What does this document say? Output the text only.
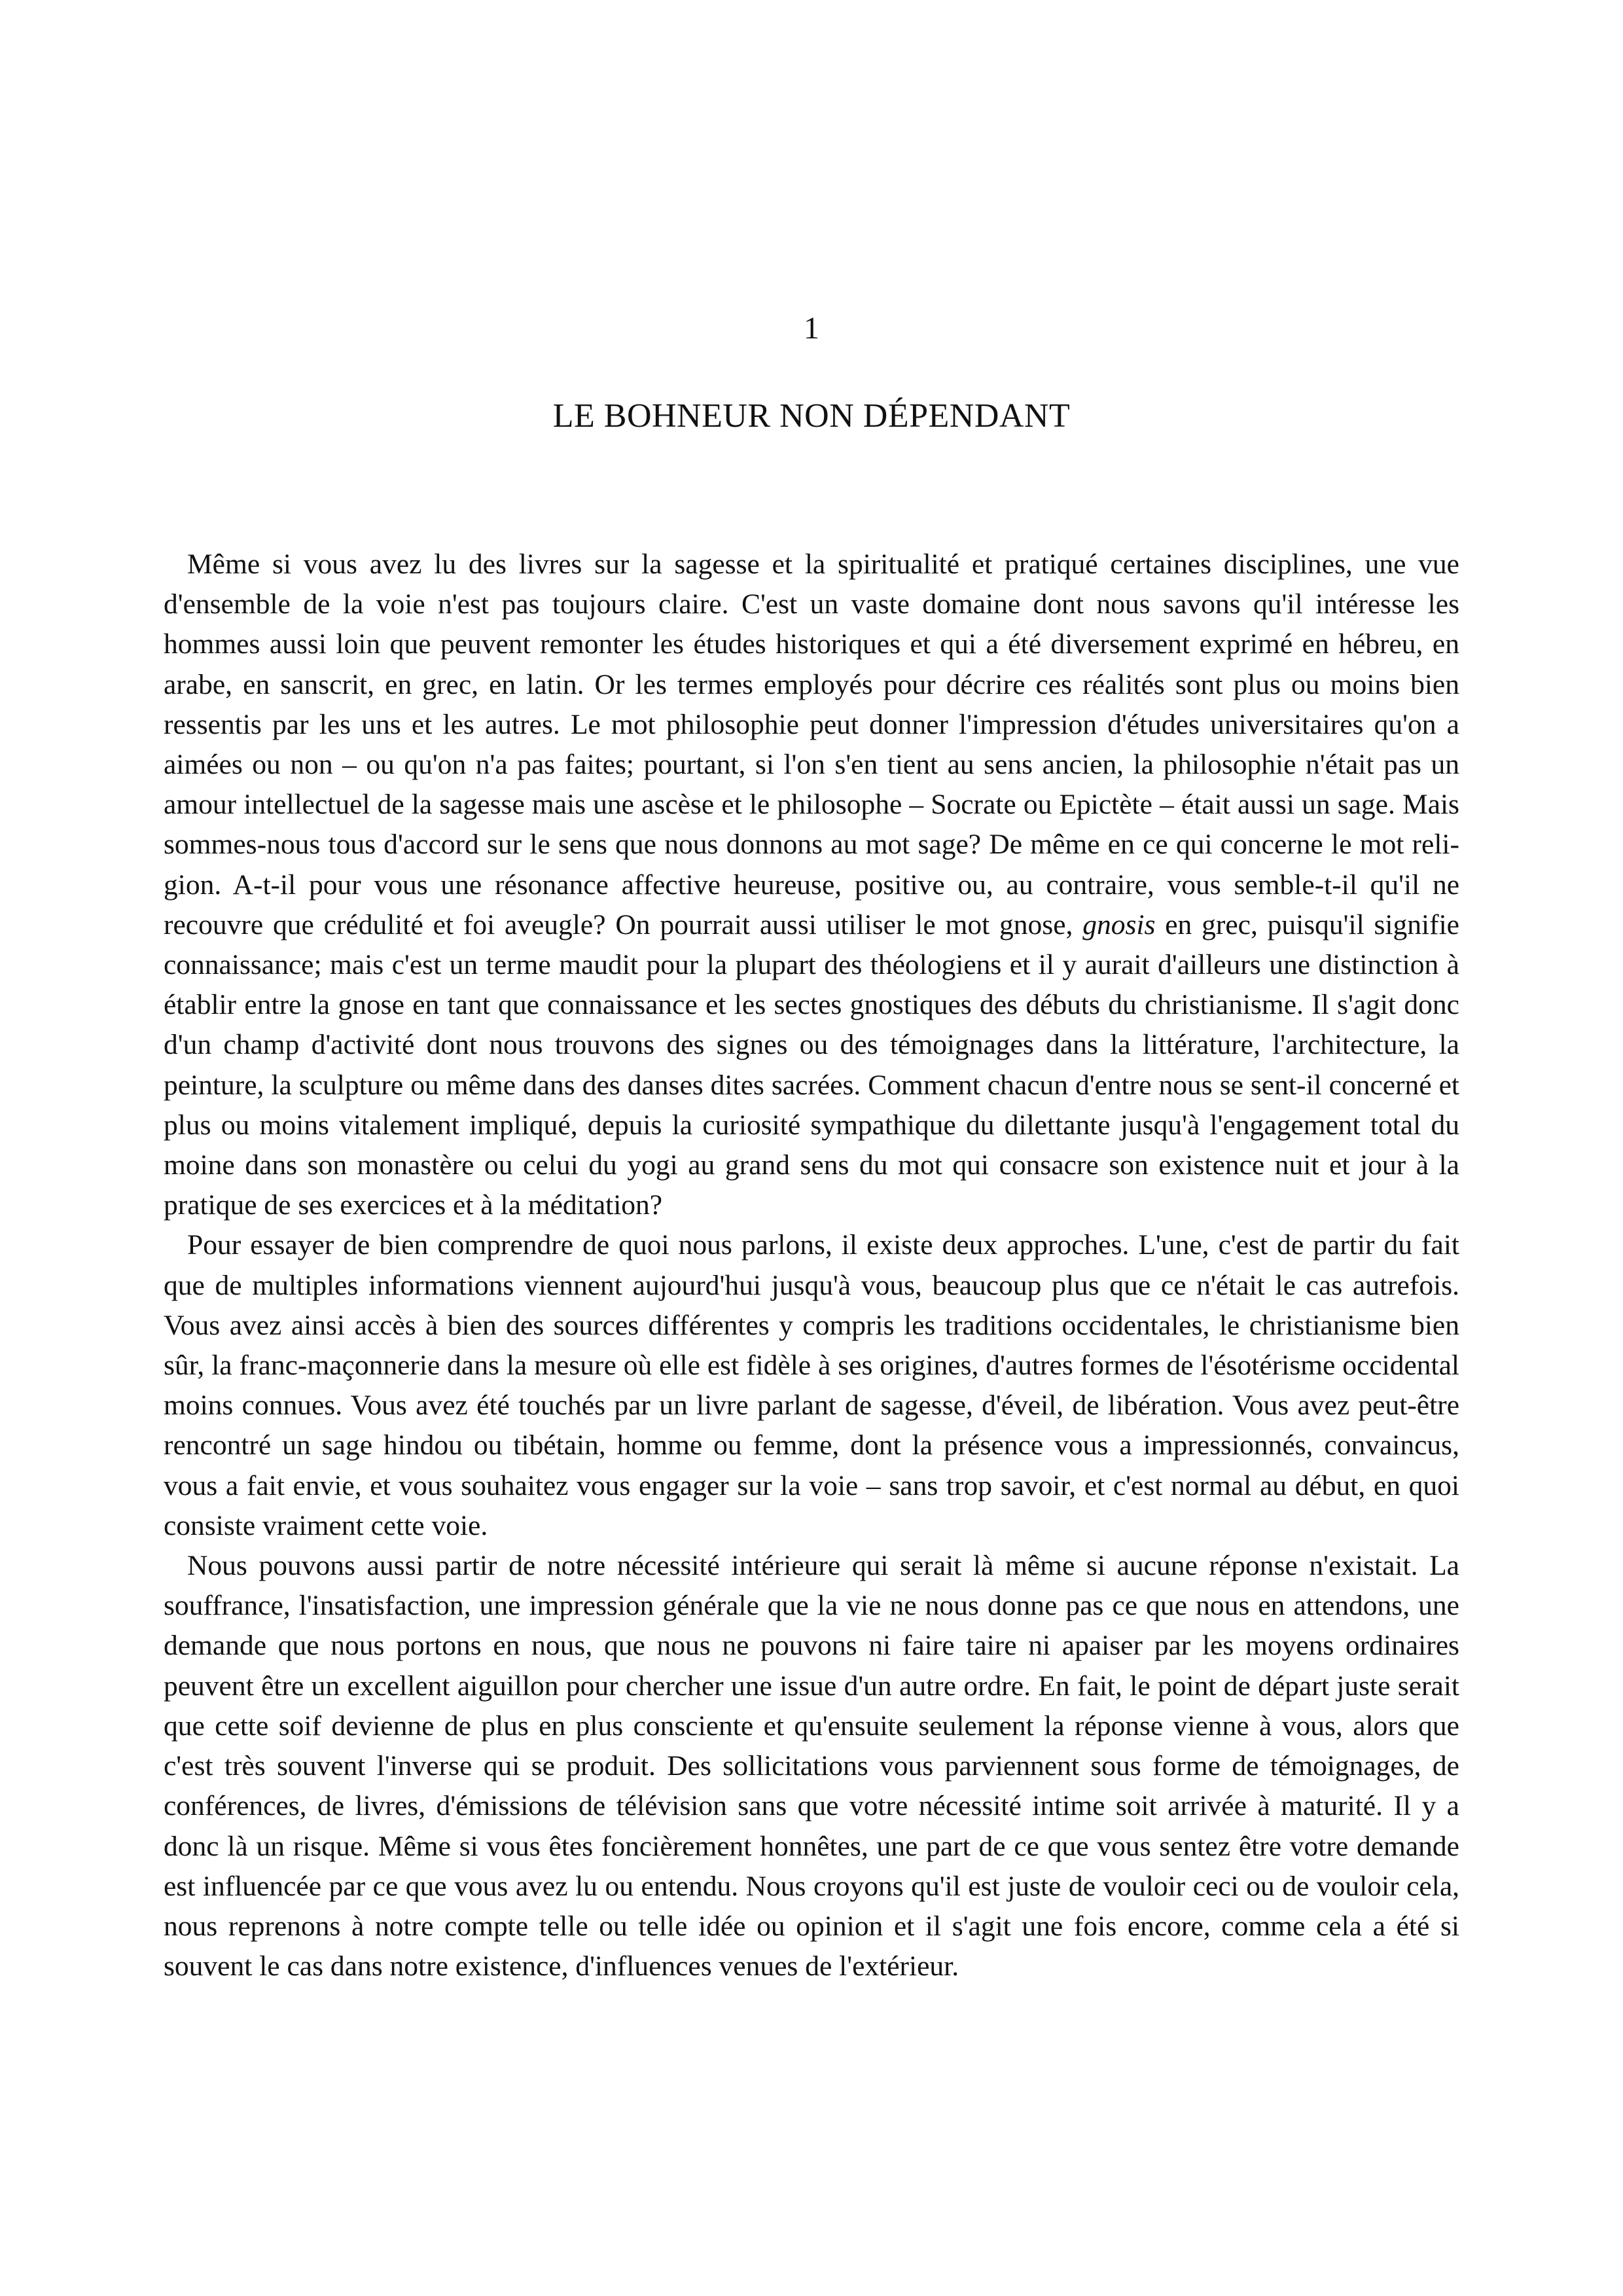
1
LE BOHNEUR NON DÉPENDANT

Même si vous avez lu des livres sur la sagesse et la spiritualité et pratiqué certaines disciplines, une vue d'ensemble de la voie n'est pas toujours claire. C'est un vaste domaine dont nous savons qu'il intéresse les hommes aussi loin que peuvent remonter les études historiques et qui a été diversement exprimé en hébreu, en arabe, en sanscrit, en grec, en latin. Or les termes employés pour décrire ces réalités sont plus ou moins bien ressentis par les uns et les autres. Le mot philosophie peut donner l'impression d'études universitaires qu'on a aimées ou non – ou qu'on n'a pas faites; pourtant, si l'on s'en tient au sens ancien, la philosophie n'était pas un amour intellectuel de la sagesse mais une ascèse et le philosophe – Socrate ou Epictète – était aussi un sage. Mais sommes-nous tous d'accord sur le sens que nous donnons au mot sage? De même en ce qui concerne le mot religion. A-t-il pour vous une résonance affective heureuse, positive ou, au contraire, vous semble-t-il qu'il ne recouvre que crédulité et foi aveugle? On pourrait aussi utiliser le mot gnose, gnosis en grec, puisqu'il signifie connaissance; mais c'est un terme maudit pour la plupart des théologiens et il y aurait d'ailleurs une distinction à établir entre la gnose en tant que connaissance et les sectes gnostiques des débuts du christianisme. Il s'agit donc d'un champ d'activité dont nous trouvons des signes ou des témoignages dans la littérature, l'architecture, la peinture, la sculpture ou même dans des danses dites sacrées. Comment chacun d'entre nous se sent-il concerné et plus ou moins vitalement impliqué, depuis la curiosité sympathique du dilettante jusqu'à l'engagement total du moine dans son monastère ou celui du yogi au grand sens du mot qui consacre son existence nuit et jour à la pratique de ses exercices et à la méditation?

Pour essayer de bien comprendre de quoi nous parlons, il existe deux approches. L'une, c'est de partir du fait que de multiples informations viennent aujourd'hui jusqu'à vous, beaucoup plus que ce n'était le cas autrefois. Vous avez ainsi accès à bien des sources différentes y compris les traditions occidentales, le christianisme bien sûr, la franc-maçonnerie dans la mesure où elle est fidèle à ses origines, d'autres formes de l'ésotérisme occidental moins connues. Vous avez été touchés par un livre parlant de sagesse, d'éveil, de libération. Vous avez peut-être rencontré un sage hindou ou tibétain, homme ou femme, dont la présence vous a impressionnés, convaincus, vous a fait envie, et vous souhaitez vous engager sur la voie – sans trop savoir, et c'est normal au début, en quoi consiste vraiment cette voie.

Nous pouvons aussi partir de notre nécessité intérieure qui serait là même si aucune réponse n'existait. La souffrance, l'insatisfaction, une impression générale que la vie ne nous donne pas ce que nous en attendons, une demande que nous portons en nous, que nous ne pouvons ni faire taire ni apaiser par les moyens ordinaires peuvent être un excellent aiguillon pour chercher une issue d'un autre ordre. En fait, le point de départ juste serait que cette soif devienne de plus en plus consciente et qu'ensuite seulement la réponse vienne à vous, alors que c'est très souvent l'inverse qui se produit. Des sollicitations vous parviennent sous forme de témoignages, de conférences, de livres, d'émissions de télévision sans que votre nécessité intime soit arrivée à maturité. Il y a donc là un risque. Même si vous êtes foncièrement honnêtes, une part de ce que vous sentez être votre demande est influencée par ce que vous avez lu ou entendu. Nous croyons qu'il est juste de vouloir ceci ou de vouloir cela, nous reprenons à notre compte telle ou telle idée ou opinion et il s'agit une fois encore, comme cela a été si souvent le cas dans notre existence, d'influences venues de l'extérieur.
